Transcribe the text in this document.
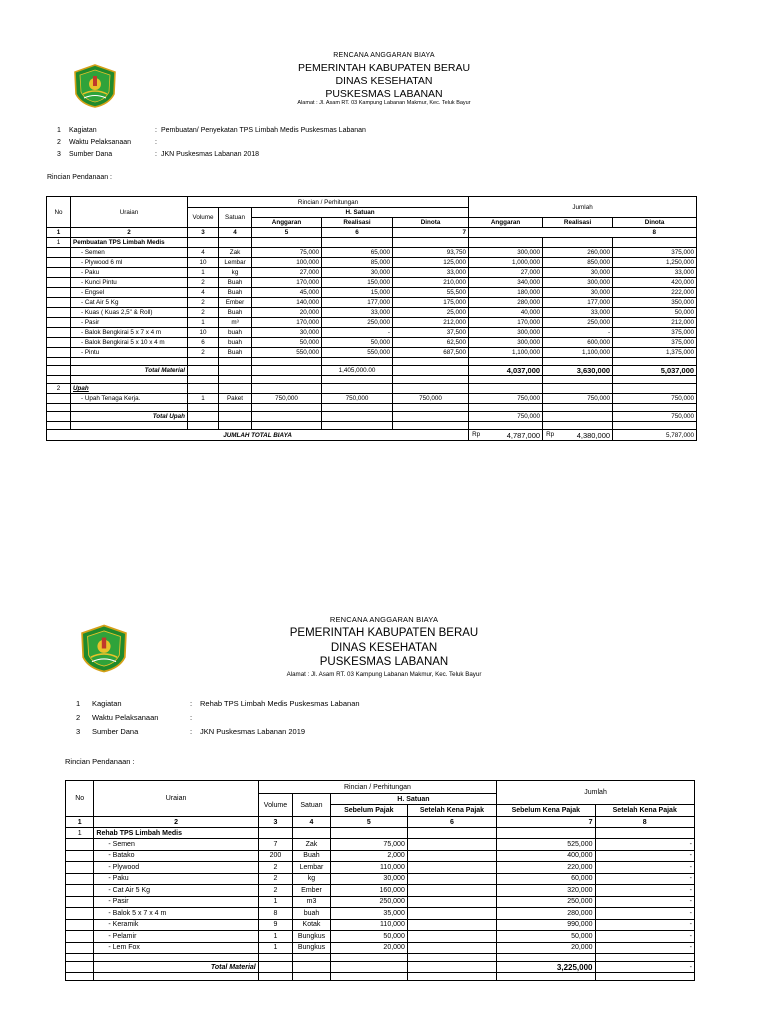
RENCANA ANGGARAN BIAYA
PEMERINTAH KABUPATEN BERAU
DINAS KESEHATAN
PUSKESMAS LABANAN
Alamat : Jl. Asam RT. 03 Kampung Labanan Makmur, Kec. Teluk Bayur
1 Kagiatan	: Pembuatan/ Penyekatan TPS Limbah Medis Puskesmas Labanan
2 Waktu Pelaksanaan	:
3 Sumber Dana	: JKN Puskesmas Labanan 2018
Rincian Pendanaan :
No	Uraian	Rincian / Perhitungan					Jumlah		
		Volume	Satuan	H. Satuan					
				Anggaran	Realisasi	Dinota	Anggaran	Realisasi	Dinota
1	2	3	4	5	6	7	8		
1	Pembuatan TPS Limbah Medis								
	- Semen	4	Zak	75,000	65,000	93,750	300,000	260,000	375,000
	- Plywood 6 ml	10	Lembar	100,000	85,000	125,000	1,000,000	850,000	1,250,000
	- Paku	1	kg	27,000	30,000	33,000	27,000	30,000	33,000
	- Kunci Pintu	2	Buah	170,000	150,000	210,000	340,000	300,000	420,000
	- Engsel	4	Buah	45,000	15,000	55,500	180,000	30,000	222,000
	- Cat Air 5 Kg	2	Ember	140,000	177,000	175,000	280,000	177,000	350,000
	- Kuas ( Kuas 2,5" & Roll)	2	Buah	20,000	33,000	25,000	40,000	33,000	50,000
	- Pasir	1	m³	170,000	250,000	212,000	170,000	250,000	212,000
	- Balok Bengkirai 5 x 7 x 4 m	10	buah	30,000	-	37,500	300,000	-	375,000
	- Balok Bengkirai 5 x 10 x 4 m	6	buah	50,000	50,000	62,500	300,000	600,000	375,000
	- Pintu	2	Buah	550,000	550,000	687,500	1,100,000	1,100,000	1,375,000

	Total Material				1,405,000.00		4,037,000	3,630,000	5,037,000

2	Upah								
	- Upah Tenaga Kerja.	1	Paket	750,000	750,000	750,000	750,000	750,000	750,000

	Total Upah						750,000		750,000

JUMLAH TOTAL BIAYA							Rp 4,787,000	Rp 4,380,000	5,787,000
RENCANA ANGGARAN BIAYA
PEMERINTAH KABUPATEN BERAU
DINAS KESEHATAN
PUSKESMAS LABANAN
Alamat : Jl. Asam RT. 03 Kampung Labanan Makmur, Kec. Teluk Bayur
1 Kagiatan	: Rehab TPS Limbah Medis Puskesmas Labanan
2 Waktu Pelaksanaan	:
3 Sumber Dana	: JKN Puskesmas Labanan 2019
Rincian Pendanaan :
No	Uraian	Rincian / Perhitungan				Jumlah	
		Volume	Satuan	H. Satuan			
				Sebelum Pajak	Setelah Kena Pajak	Sebelum Kena Pajak	Setelah Kena Pajak
1	2	3	4	5	6	7	8
1	Rehab TPS Limbah Medis						
	- Semen	7	Zak	75,000		525,000	-
	- Batako	200	Buah	2,000		400,000	-
	- Plywood	2	Lembar	110,000		220,000	-
	- Paku	2	kg	30,000		60,000	-
	- Cat Air 5 Kg	2	Ember	160,000		320,000	-
	- Pasir	1	m3	250,000		250,000	-
	- Balok 5 x 7 x 4 m	8	buah	35,000		280,000	-
	- Keramik	9	Kotak	110,000		990,000	-
	- Pelamir	1	Bungkus	50,000		50,000	-
	- Lem Fox	1	Bungkus	20,000		20,000	-

	Total Material					3,225,000	-
